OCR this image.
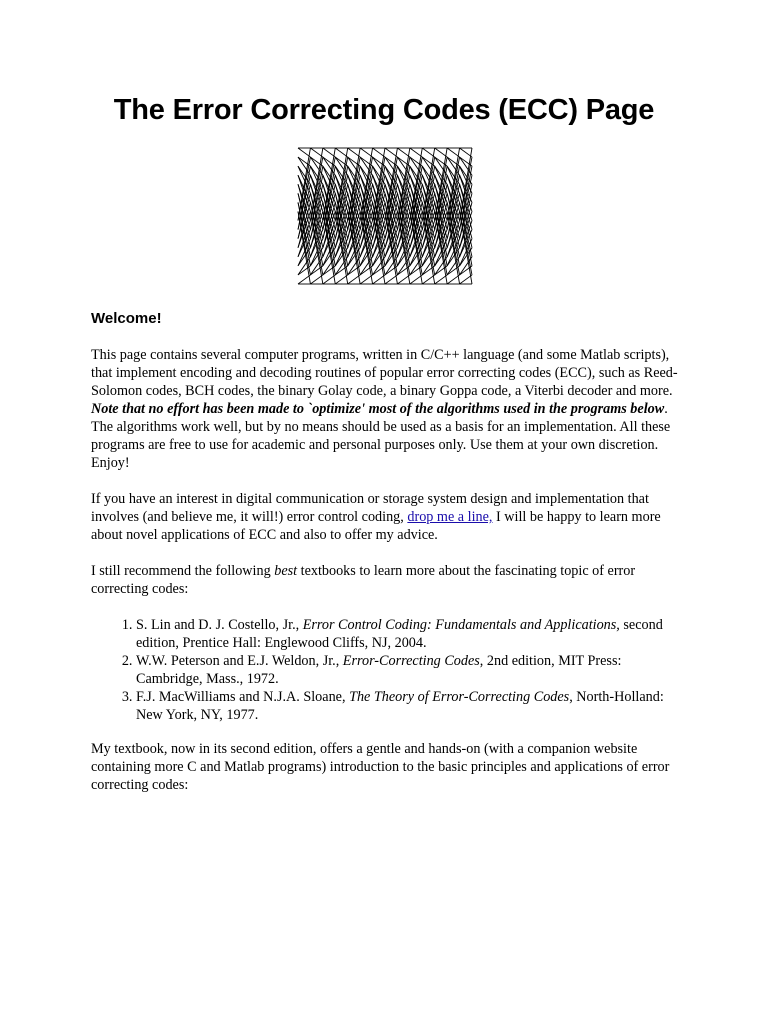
The Error Correcting Codes (ECC) Page
Welcome!

This page contains several computer programs, written in C/C++ language (and some Matlab scripts), that implement encoding and decoding routines of popular error correcting codes (ECC), such as Reed-Solomon codes, BCH codes, the binary Golay code, a binary Goppa code, a Viterbi decoder and more. Note that no effort has been made to `optimize' most of the algorithms used in the programs below. The algorithms work well, but by no means should be used as a basis for an implementation. All these programs are free to use for academic and personal purposes only. Use them at your own discretion. Enjoy!

If you have an interest in digital communication or storage system design and implementation that involves (and believe me, it will!) error control coding, drop me a line, I will be happy to learn more about novel applications of ECC and also to offer my advice.

I still recommend the following best textbooks to learn more about the fascinating topic of error correcting codes:

1. S. Lin and D. J. Costello, Jr., Error Control Coding: Fundamentals and Applications, second edition, Prentice Hall: Englewood Cliffs, NJ, 2004.
2. W.W. Peterson and E.J. Weldon, Jr., Error-Correcting Codes, 2nd edition, MIT Press: Cambridge, Mass., 1972.
3. F.J. MacWilliams and N.J.A. Sloane, The Theory of Error-Correcting Codes, North-Holland: New York, NY, 1977.

My textbook, now in its second edition, offers a gentle and hands-on (with a companion website containing more C and Matlab programs) introduction to the basic principles and applications of error correcting codes:
